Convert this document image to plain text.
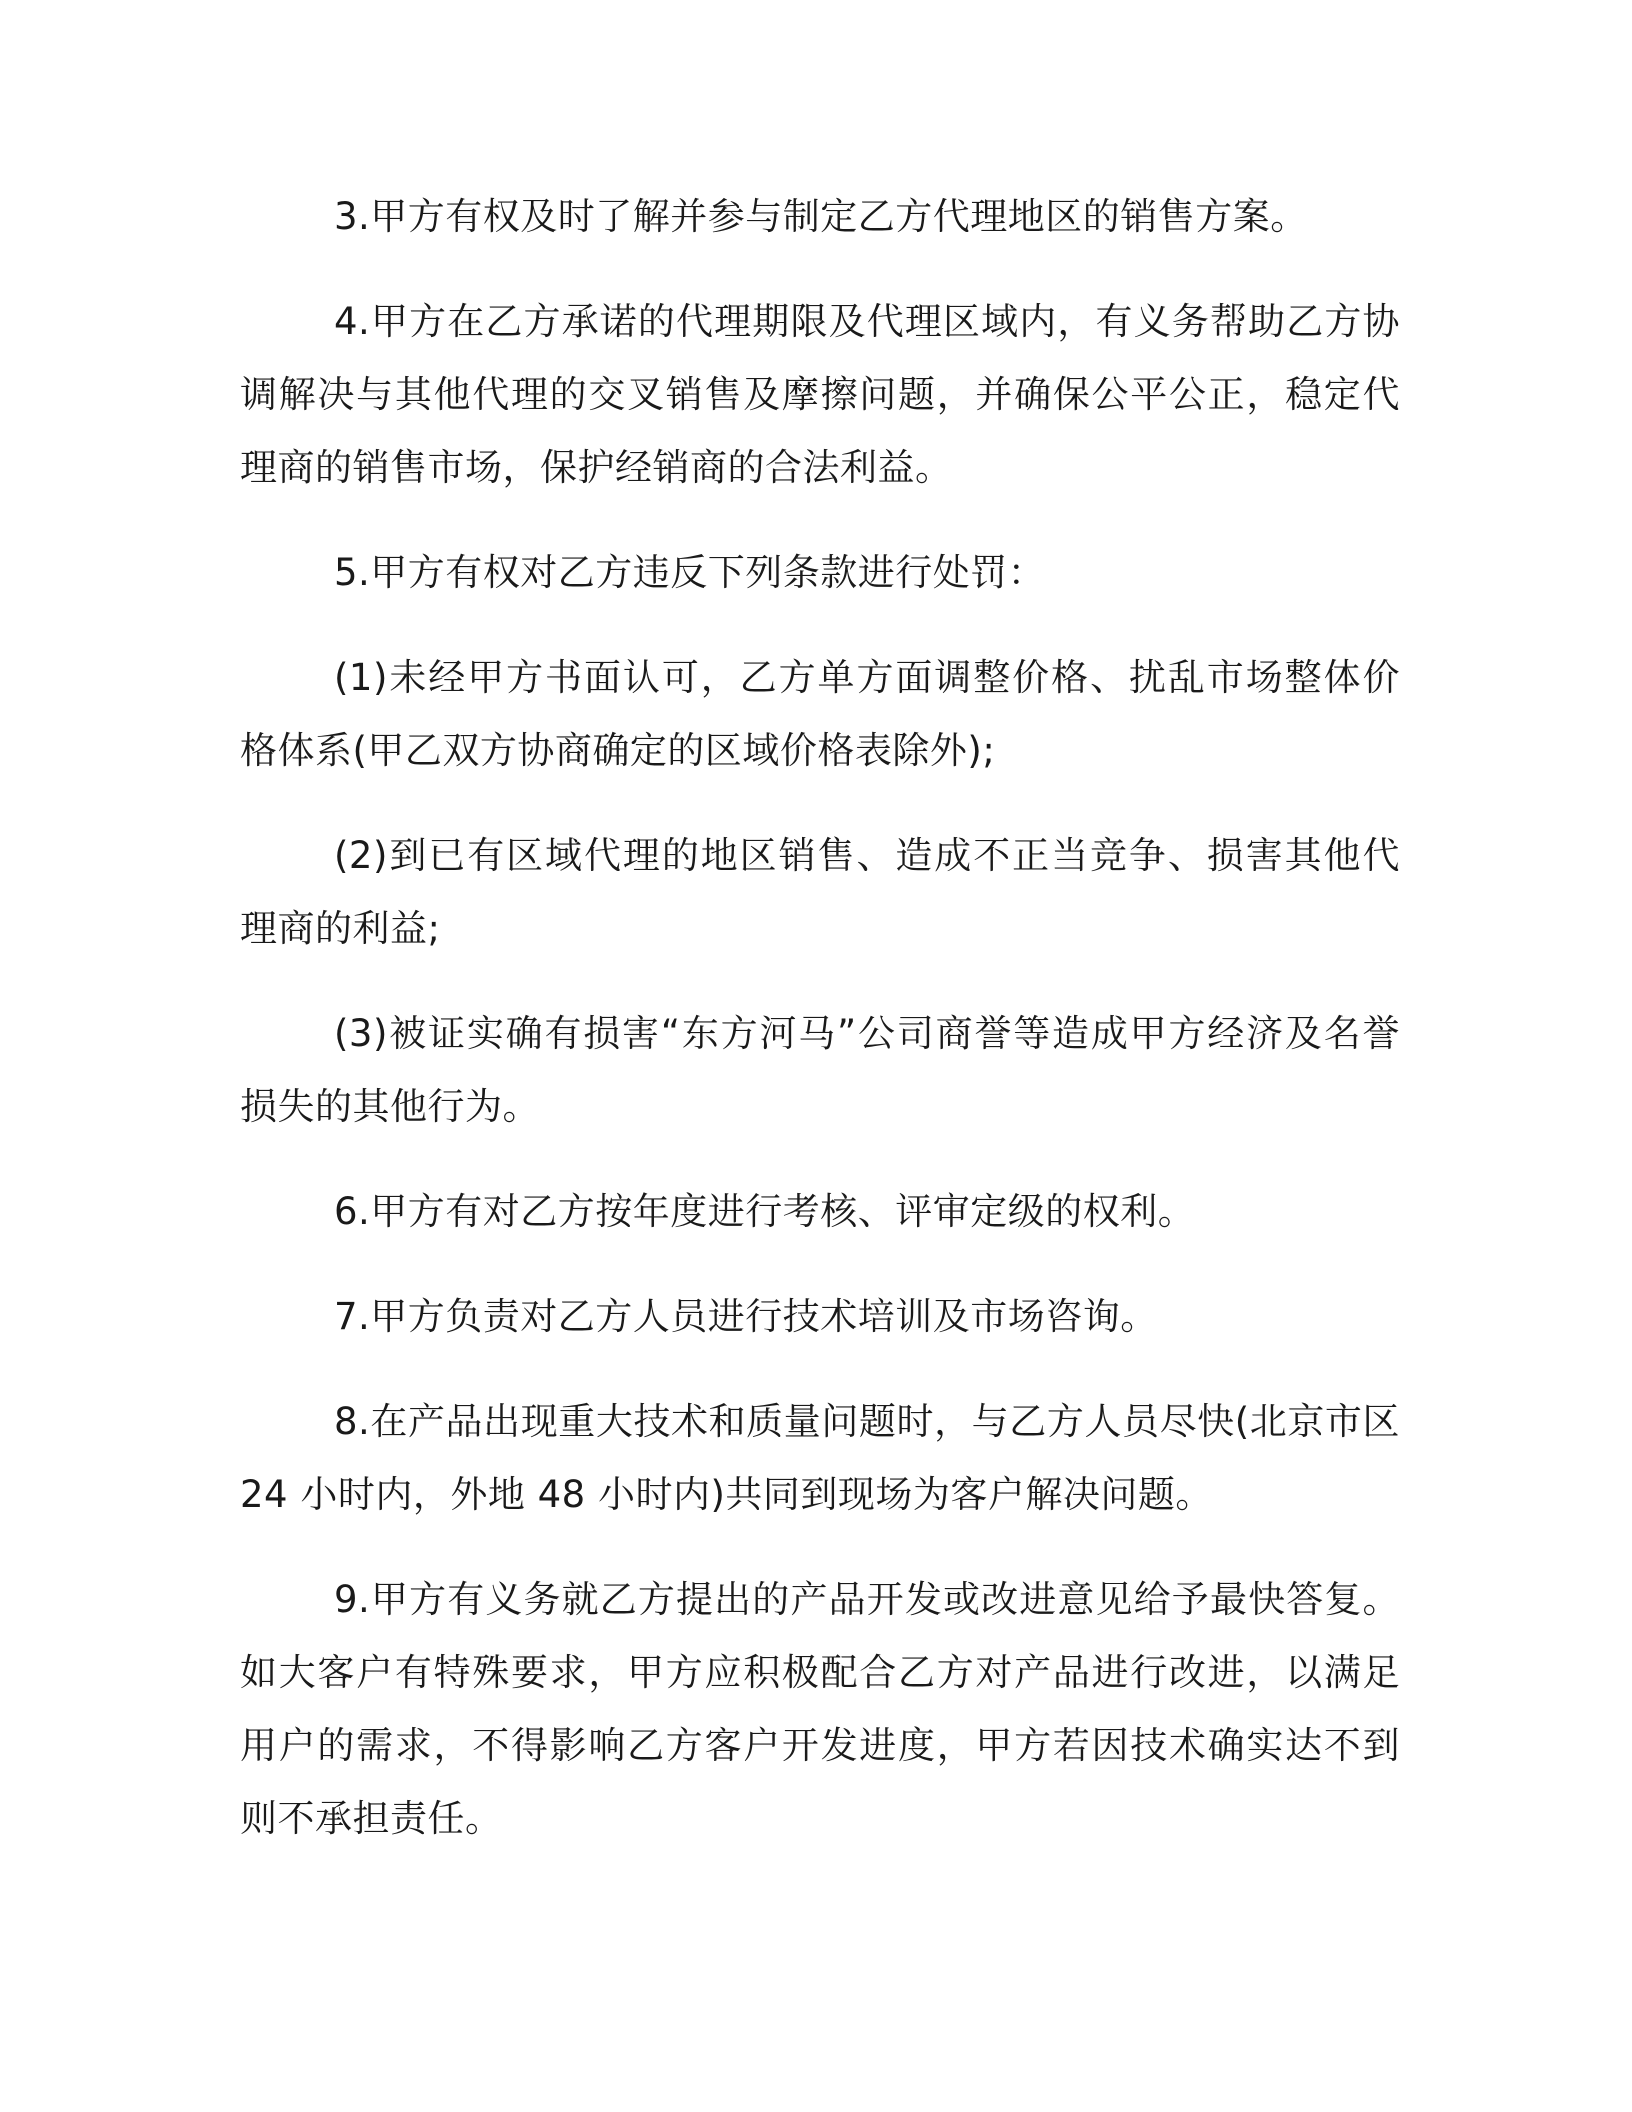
3.甲方有权及时了解并参与制定乙方代理地区的销售方案。

4.甲方在乙方承诺的代理期限及代理区域内，有义务帮助乙方协调解决与其他代理的交叉销售及摩擦问题，并确保公平公正，稳定代理商的销售市场，保护经销商的合法利益。

5.甲方有权对乙方违反下列条款进行处罚：

(1)未经甲方书面认可，乙方单方面调整价格、扰乱市场整体价格体系(甲乙双方协商确定的区域价格表除外);

(2)到已有区域代理的地区销售、造成不正当竞争、损害其他代理商的利益;

(3)被证实确有损害“东方河马”公司商誉等造成甲方经济及名誉损失的其他行为。

6.甲方有对乙方按年度进行考核、评审定级的权利。

7.甲方负责对乙方人员进行技术培训及市场咨询。

8.在产品出现重大技术和质量问题时，与乙方人员尽快(北京市区 24 小时内，外地 48 小时内)共同到现场为客户解决问题。

9.甲方有义务就乙方提出的产品开发或改进意见给予最快答复。如大客户有特殊要求，甲方应积极配合乙方对产品进行改进，以满足用户的需求，不得影响乙方客户开发进度，甲方若因技术确实达不到则不承担责任。
